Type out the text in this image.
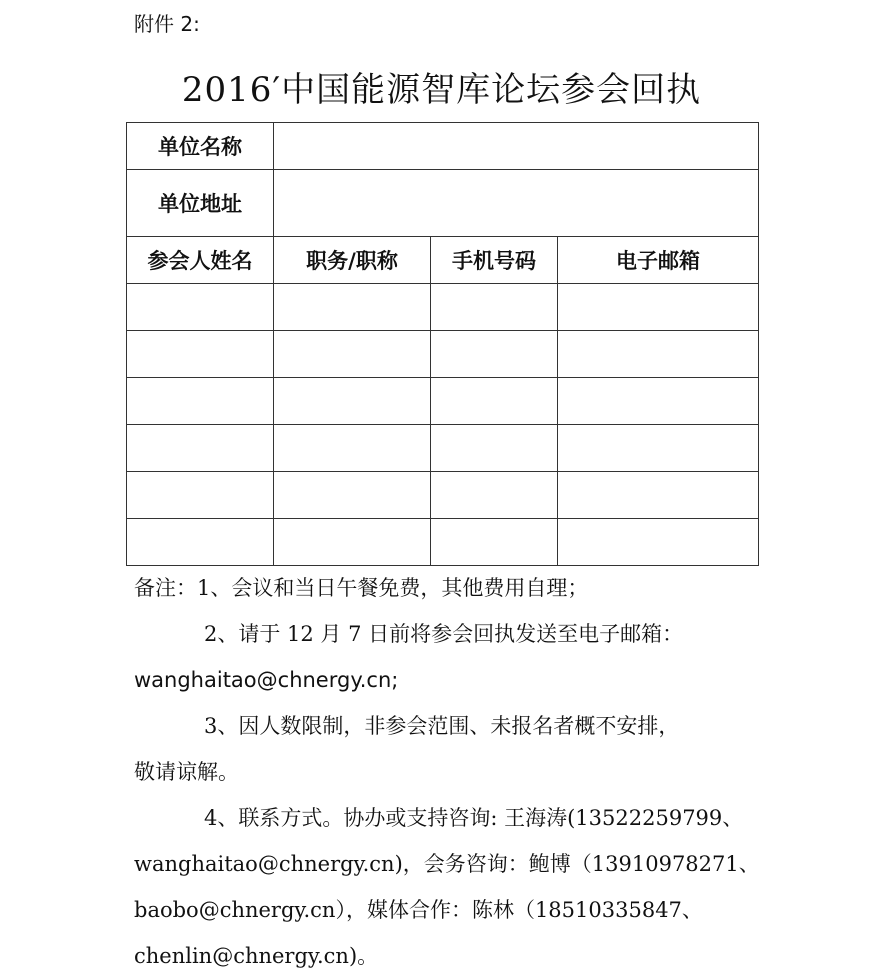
附件 2:
2016′中国能源智库论坛参会回执
单位名称			
单位地址			
参会人姓名	职务/职称	手机号码	电子邮箱

备注：1、会议和当日午餐免费，其他费用自理；

2、请于 12 月 7 日前将参会回执发送至电子邮箱：

wanghaitao@chnergy.cn;

3、因人数限制，非参会范围、未报名者概不安排，

敬请谅解。

4、联系方式。协办或支持咨询: 王海涛(13522259799、

wanghaitao@chnergy.cn)，会务咨询：鲍博（13910978271、

baobo@chnergy.cn），媒体合作：陈林（18510335847、

chenlin@chnergy.cn)。
